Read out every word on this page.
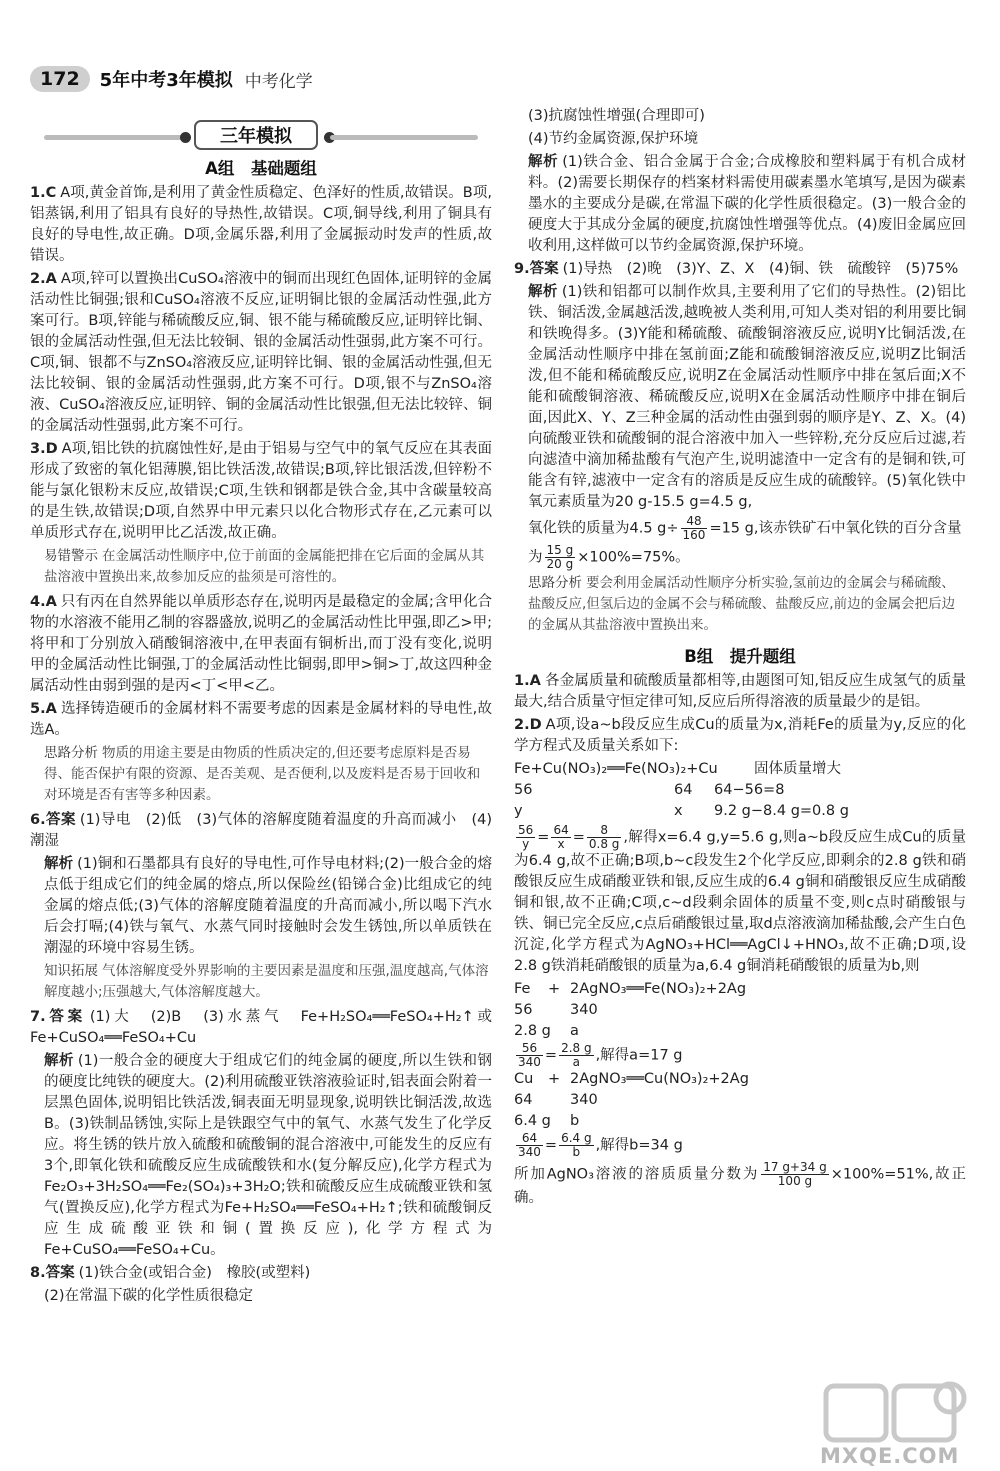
172	5年中考3年模拟 中考化学
三年模拟
A组　基础题组
1.C A项,黄金首饰,是利用了黄金性质稳定、色泽好的性质,故错误。B项,铝蒸锅,利用了铝具有良好的导热性,故错误。C项,铜导线,利用了铜具有良好的导电性,故正确。D项,金属乐器,利用了金属振动时发声的性质,故错误。
2.A A项,锌可以置换出CuSO₄溶液中的铜而出现红色固体,证明锌的金属活动性比铜强;银和CuSO₄溶液不反应,证明铜比银的金属活动性强,此方案可行。B项,锌能与稀硫酸反应,铜、银不能与稀硫酸反应,证明锌比铜、银的金属活动性强,但无法比较铜、银的金属活动性强弱,此方案不可行。C项,铜、银都不与ZnSO₄溶液反应,证明锌比铜、银的金属活动性强,但无法比较铜、银的金属活动性强弱,此方案不可行。D项,银不与ZnSO₄溶液、CuSO₄溶液反应,证明锌、铜的金属活动性比银强,但无法比较锌、铜的金属活动性强弱,此方案不可行。
3.D A项,铝比铁的抗腐蚀性好,是由于铝易与空气中的氧气反应在其表面形成了致密的氧化铝薄膜,铝比铁活泼,故错误;B项,锌比银活泼,但锌粉不能与氯化银粉末反应,故错误;C项,生铁和钢都是铁合金,其中含碳量较高的是生铁,故错误;D项,自然界中甲元素只以化合物形式存在,乙元素可以单质形式存在,说明甲比乙活泼,故正确。
易错警示 在金属活动性顺序中,位于前面的金属能把排在它后面的金属从其盐溶液中置换出来,故参加反应的盐须是可溶性的。
4.A 只有丙在自然界能以单质形态存在,说明丙是最稳定的金属;含甲化合物的水溶液不能用乙制的容器盛放,说明乙的金属活动性比甲强,即乙>甲;将甲和丁分别放入硝酸铜溶液中,在甲表面有铜析出,而丁没有变化,说明甲的金属活动性比铜强,丁的金属活动性比铜弱,即甲>铜>丁,故这四种金属活动性由弱到强的是丙<丁<甲<乙。
5.A 选择铸造硬币的金属材料不需要考虑的因素是金属材料的导电性,故选A。
思路分析 物质的用途主要是由物质的性质决定的,但还要考虑原料是否易得、能否保护有限的资源、是否美观、是否便利,以及废料是否易于回收和对环境是否有害等多种因素。
6.答案 (1)导电　(2)低　(3)气体的溶解度随着温度的升高而减小　(4)潮湿
解析 (1)铜和石墨都具有良好的导电性,可作导电材料;(2)一般合金的熔点低于组成它们的纯金属的熔点,所以保险丝(铅锑合金)比组成它的纯金属的熔点低;(3)气体的溶解度随着温度的升高而减小,所以喝下汽水后会打嗝;(4)铁与氧气、水蒸气同时接触时会发生锈蚀,所以单质铁在潮湿的环境中容易生锈。
知识拓展 气体溶解度受外界影响的主要因素是温度和压强,温度越高,气体溶解度越小;压强越大,气体溶解度越大。
7.答案 (1)大　(2)B　(3)水蒸气　Fe+H₂SO₄══FeSO₄+H₂↑或Fe+CuSO₄══FeSO₄+Cu
解析 (1)一般合金的硬度大于组成它们的纯金属的硬度,所以生铁和钢的硬度比纯铁的硬度大。(2)利用硫酸亚铁溶液验证时,铝表面会附着一层黑色固体,说明铝比铁活泼,铜表面无明显现象,说明铁比铜活泼,故选B。(3)铁制品锈蚀,实际上是铁跟空气中的氧气、水蒸气发生了化学反应。将生锈的铁片放入硫酸和硫酸铜的混合溶液中,可能发生的反应有3个,即氧化铁和硫酸反应生成硫酸铁和水(复分解反应),化学方程式为Fe₂O₃+3H₂SO₄══Fe₂(SO₄)₃+3H₂O;铁和硫酸反应生成硫酸亚铁和氢气(置换反应),化学方程式为Fe+H₂SO₄══FeSO₄+H₂↑;铁和硫酸铜反应生成硫酸亚铁和铜(置换反应),化学方程式为Fe+CuSO₄══FeSO₄+Cu。
8.答案 (1)铁合金(或铝合金)　橡胶(或塑料)
(2)在常温下碳的化学性质很稳定
(3)抗腐蚀性增强(合理即可)
(4)节约金属资源,保护环境
解析 (1)铁合金、铝合金属于合金;合成橡胶和塑料属于有机合成材料。(2)需要长期保存的档案材料需使用碳素墨水笔填写,是因为碳素墨水的主要成分是碳,在常温下碳的化学性质很稳定。(3)一般合金的硬度大于其成分金属的硬度,抗腐蚀性增强等优点。(4)废旧金属应回收利用,这样做可以节约金属资源,保护环境。
9.答案 (1)导热　(2)晚　(3)Y、Z、X　(4)铜、铁　硫酸锌　(5)75%
解析 (1)铁和铝都可以制作炊具,主要利用了它们的导热性。(2)铝比铁、铜活泼,金属越活泼,越晚被人类利用,可知人类对铝的利用要比铜和铁晚得多。(3)Y能和稀硫酸、硫酸铜溶液反应,说明Y比铜活泼,在金属活动性顺序中排在氢前面;Z能和硫酸铜溶液反应,说明Z比铜活泼,但不能和稀硫酸反应,说明Z在金属活动性顺序中排在氢后面;X不能和硫酸铜溶液、稀硫酸反应,说明X在金属活动性顺序中排在铜后面,因此X、Y、Z三种金属的活动性由强到弱的顺序是Y、Z、X。(4)向硫酸亚铁和硫酸铜的混合溶液中加入一些锌粉,充分反应后过滤,若向滤渣中滴加稀盐酸有气泡产生,说明滤渣中一定含有的是铜和铁,可能含有锌,滤液中一定含有的溶质是反应生成的硫酸锌。(5)氧化铁中氧元素质量为20 g-15.5 g=4.5 g,
氧化铁的质量为4.5 $g\div \frac{48}{160} =15$ g,该赤铁矿石中氧化铁的百分含量
为 $\frac{15 g}{20 g} \times 100\%=75\%$。
思路分析 要会利用金属活动性顺序分析实验,氢前边的金属会与稀硫酸、盐酸反应,但氢后边的金属不会与稀硫酸、盐酸反应,前边的金属会把后边的金属从其盐溶液中置换出来。
B组　提升题组
1.A 各金属质量和硫酸质量都相等,由题图可知,铝反应生成氢气的质量最大,结合质量守恒定律可知,反应后所得溶液的质量最少的是铝。
2.D A项,设a~b段反应生成Cu的质量为x,消耗Fe的质量为y,反应的化学方程式及质量关系如下:
Fe+Cu(NO₃)₂══Fe(NO₃)₂+Cu	固体质量增大
56	64	64−56=8
y	x	9.2 g−8.4 g=0.8 g
$\frac{56}{y} = \frac{64}{x} = \frac{8}{0.8 g}$ ,解得x=6.4 g,y=5.6 g,则a~b段反应生成Cu的质量为6.4 g,故不正确;B项,b~c段发生2个化学反应,即剩余的2.8 g铁和硝酸银反应生成硝酸亚铁和银,反应生成的6.4 g铜和硝酸银反应生成硝酸铜和银,故不正确;C项,c~d段剩余固体的质量不变,则c点时硝酸银与铁、铜已完全反应,c点后硝酸银过量,取d点溶液滴加稀盐酸,会产生白色沉淀,化学方程式为AgNO₃+HCl══AgCl↓+HNO₃,故不正确;D项,设2.8 g铁消耗硝酸银的质量为a,6.4 g铜消耗硝酸银的质量为b,则
Fe	+ 2AgNO₃══Fe(NO₃)₂+2Ag
56	340
2.8 g	a
$\frac{56}{340} = \frac{2.8 g}{a}$ ,解得a=17 g
Cu	+ 2AgNO₃══Cu(NO₃)₂+2Ag
64	340
6.4 g	b
$\frac{64}{340} = \frac{6.4 g}{b}$ ,解得b=34 g
所加AgNO₃溶液的溶质质量分数为 $\frac{17 g+34 g}{100 g} \times 100\%=51\%$,故正确。
MXQE.COM
